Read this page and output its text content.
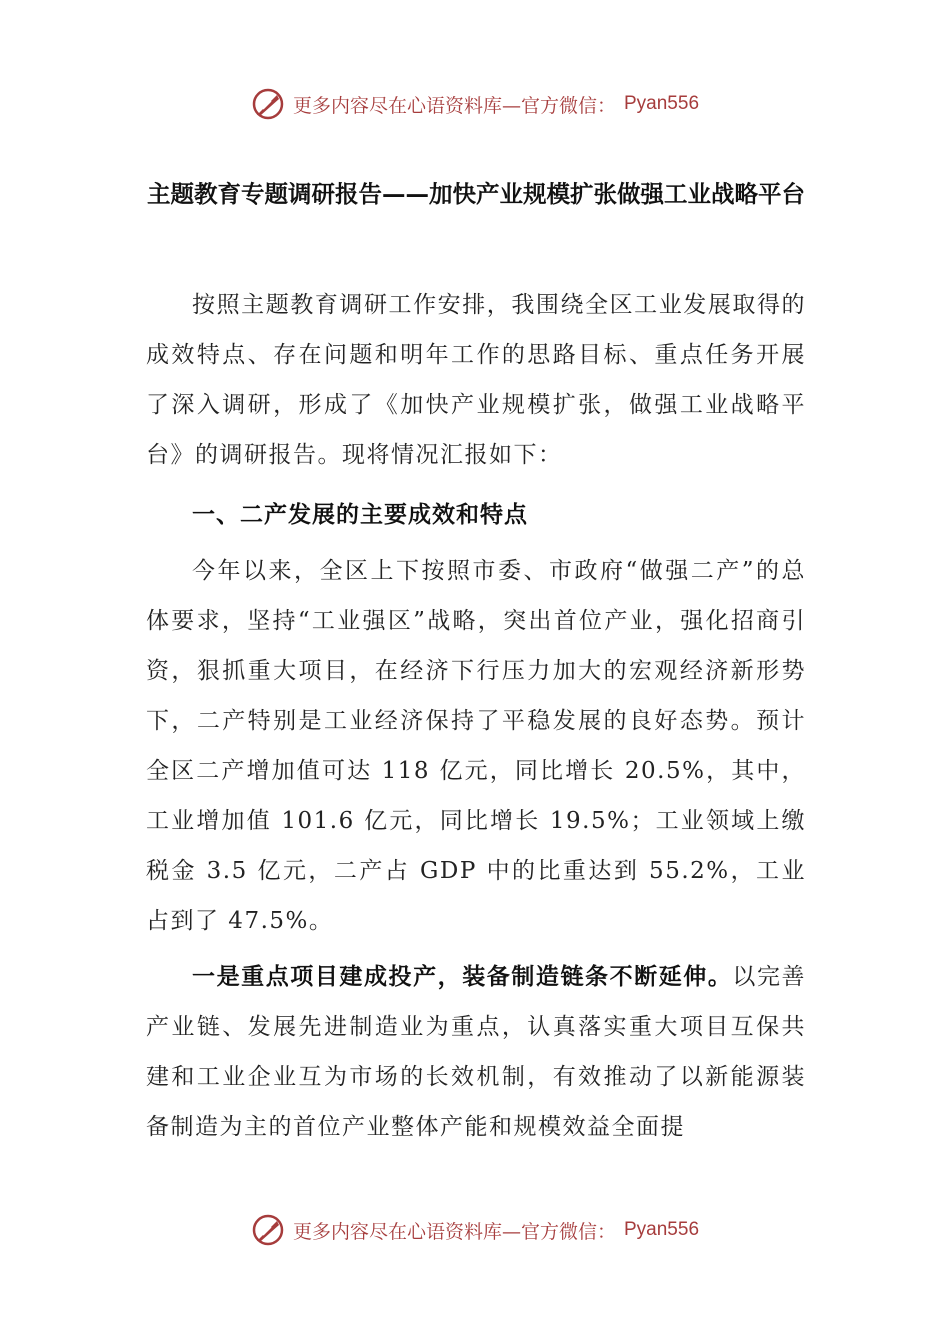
更多内容尽在心语资料库—官方微信： Pyan556
主题教育专题调研报告——加快产业规模扩张做强工业战略平台
按照主题教育调研工作安排，我围绕全区工业发展取得的成效特点、存在问题和明年工作的思路目标、重点任务开展了深入调研，形成了《加快产业规模扩张，做强工业战略平台》的调研报告。现将情况汇报如下：
一、二产发展的主要成效和特点
今年以来，全区上下按照市委、市政府“做强二产”的总体要求，坚持“工业强区”战略，突出首位产业，强化招商引资，狠抓重大项目，在经济下行压力加大的宏观经济新形势下，二产特别是工业经济保持了平稳发展的良好态势。预计全区二产增加值可达 118 亿元，同比增长 20.5%，其中，工业增加值 101.6 亿元，同比增长 19.5%；工业领域上缴税金 3.5 亿元，二产占 GDP 中的比重达到 55.2%，工业占到了 47.5%。
一是重点项目建成投产，装备制造链条不断延伸。以完善产业链、发展先进制造业为重点，认真落实重大项目互保共建和工业企业互为市场的长效机制，有效推动了以新能源装备制造为主的首位产业整体产能和规模效益全面提
更多内容尽在心语资料库—官方微信： Pyan556
